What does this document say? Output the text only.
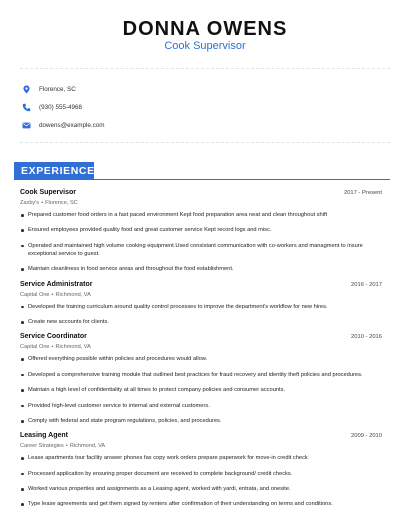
DONNA OWENS
Cook Supervisor
Florence, SC
(930) 555-4968
dowens@example.com
EXPERIENCE
Cook Supervisor	2017 - Present
Zaxby's • Florence, SC
Prepared customer food orders in a fast paced environment Kept food preparation area neat and clean throughout shift
Ensured employees provided quality food and great customer service Kept record logs and misc.
Operated and maintained high volume cooking equipment.Used consistant communication with co-workers and managment to insure exceptional service to guest.
Maintain cleanliness in food service areas and throughout the food establishment.
Service Administrator	2016 - 2017
Capital One • Richmond, VA
Developed the training curriculum around quality control processes to improve the department's workflow for new hires.
Create new accounts for clients.
Service Coordinator	2010 - 2016
Capital One • Richmond, VA
Offered everything possible within policies and procedures would allow.
Developed a comprehensive training module that outlined best practices for fraud recovery and identity theft policies and procedures.
Maintain a high level of confidentiality at all times to protect company policies and consumer accounts.
Provided high-level customer service to internal and external customers.
Comply with federal and state program regulations, policies, and procedures.
Leasing Agent	2009 - 2010
Career Strategies • Richmond, VA
Lease apartments tour facility answer phones fax copy work orders prepare paperwork for move-in credit check
Processed application by ensuring proper document are received to complete background/ credit checks.
Worked various properties and assignments as a Leasing agent, worked with yardi, entrata, and onesite.
Type lease agreements and get them signed by renters after confirmation of their understanding on terms and conditions.
